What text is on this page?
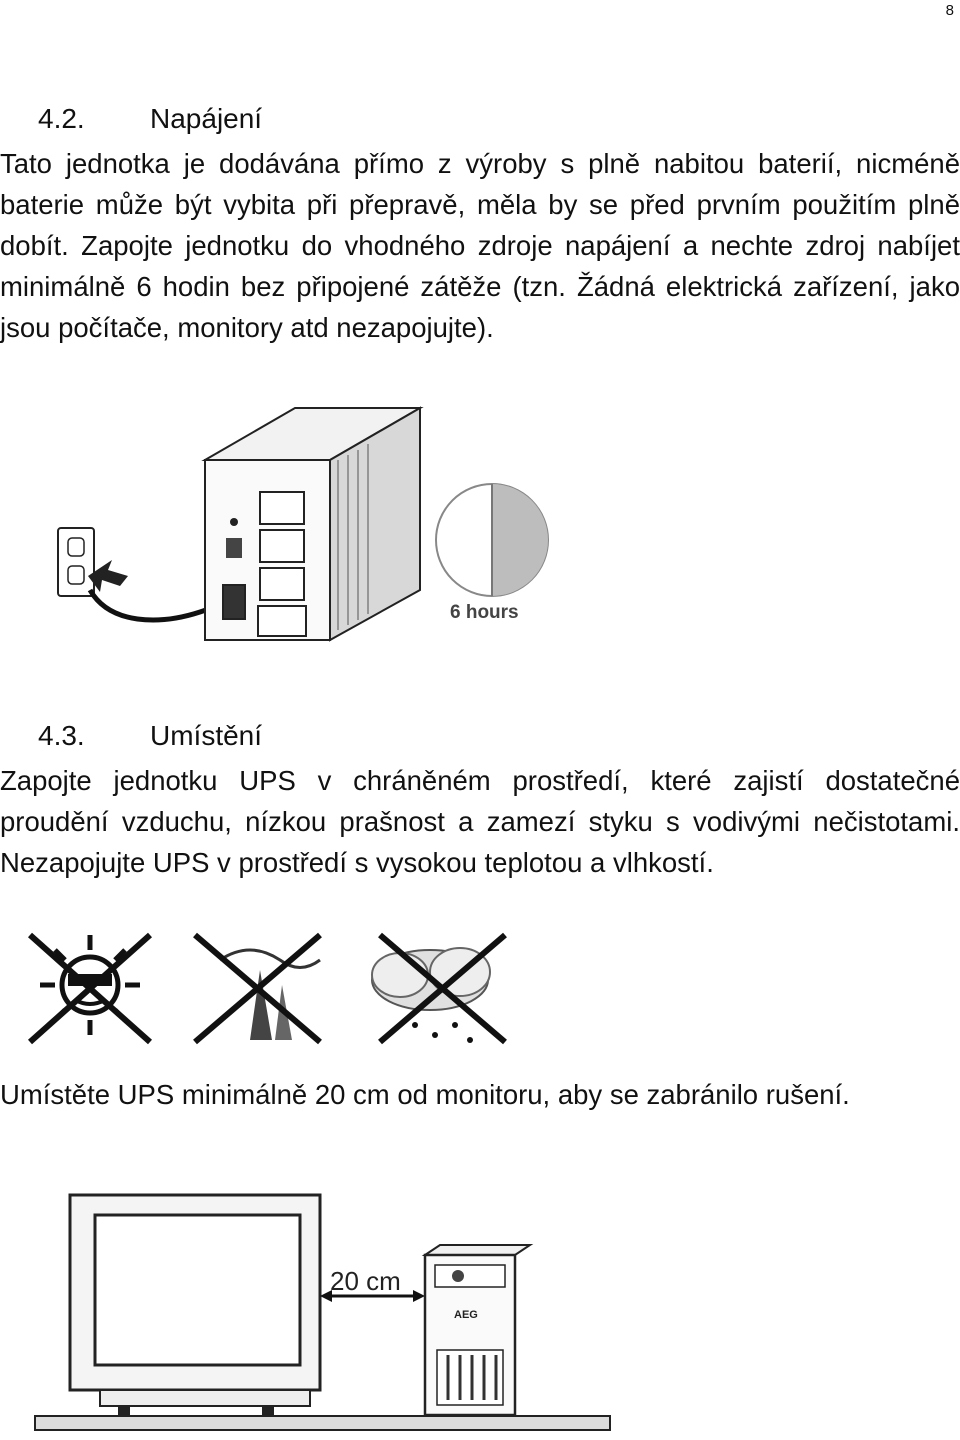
8
4.2. Napájení
Tato jednotka je dodávána přímo z výroby s plně nabitou baterií, nicméně baterie může být vybita při přepravě, měla by se před prvním použitím plně dobít. Zapojte jednotku do vhodného zdroje napájení a nechte zdroj nabíjet minimálně 6 hodin bez připojené zátěže (tzn. Žádná elektrická zařízení, jako jsou počítače, monitory atd nezapojujte).
6 hours
4.3. Umístění
Zapojte jednotku UPS v chráněném prostředí, které zajistí dostatečné proudění vzduchu, nízkou prašnost a zamezí styku s vodivými nečistotami. Nezapojujte UPS v prostředí s vysokou teplotou a vlhkostí.
Umístěte UPS minimálně 20 cm od monitoru, aby se zabránilo rušení.
20 cm
AEG
